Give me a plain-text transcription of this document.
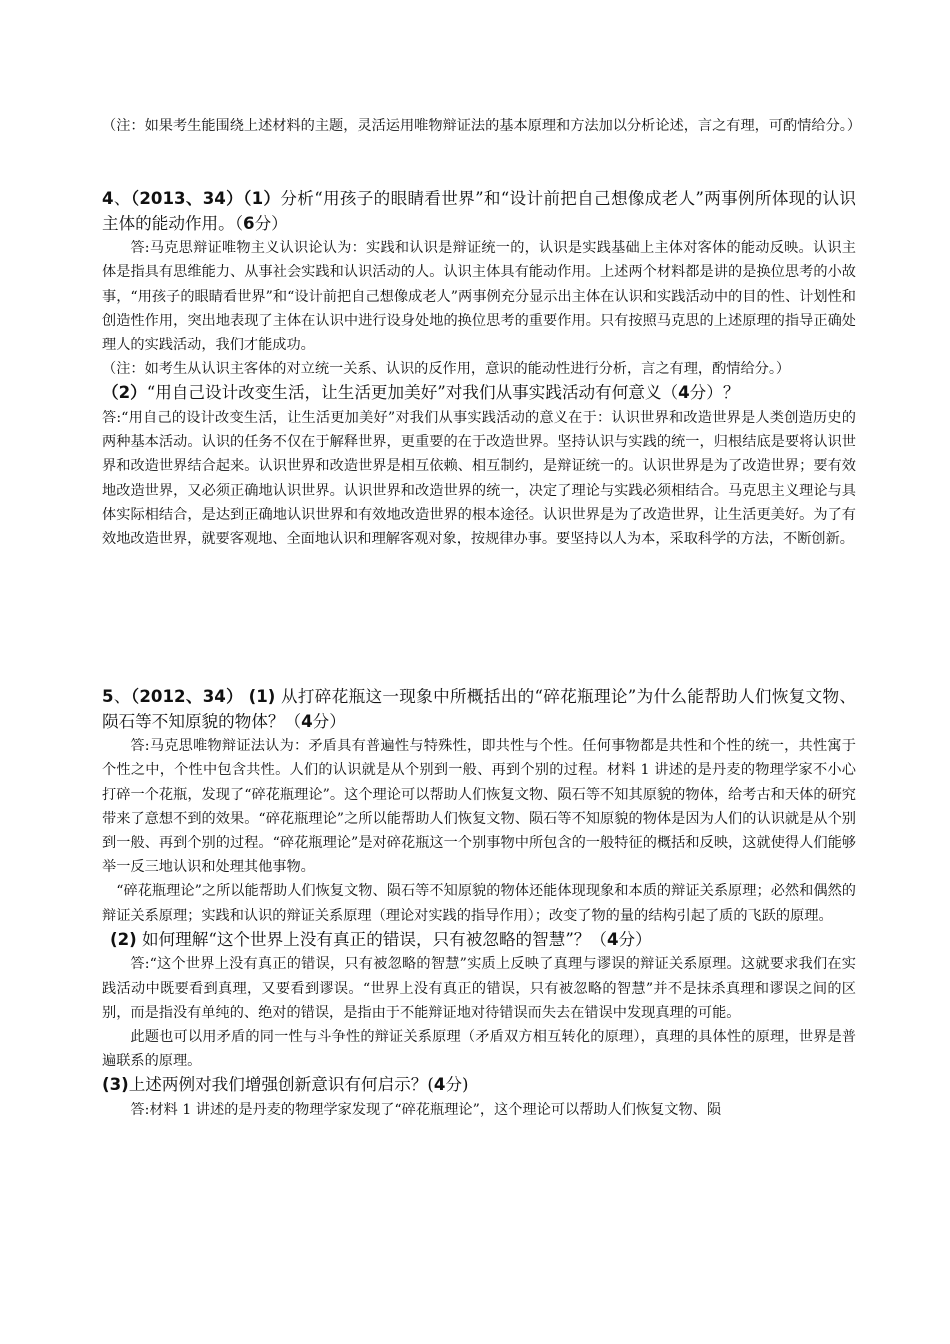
（注：如果考生能围绕上述材料的主题，灵活运用唯物辩证法的基本原理和方法加以分析论述，言之有理，可酌情给分。）

4、（2013、34）（1）分析“用孩子的眼睛看世界”和“设计前把自己想像成老人”两事例所体现的认识主体的能动作用。（6分）

答:马克思辩证唯物主义认识论认为：实践和认识是辩证统一的，认识是实践基础上主体对客体的能动反映。认识主体是指具有思维能力、从事社会实践和认识活动的人。认识主体具有能动作用。上述两个材料都是讲的是换位思考的小故事，“用孩子的眼睛看世界”和“设计前把自己想像成老人”两事例充分显示出主体在认识和实践活动中的目的性、计划性和创造性作用，突出地表现了主体在认识中进行设身处地的换位思考的重要作用。只有按照马克思的上述原理的指导正确处理人的实践活动，我们才能成功。

（注：如考生从认识主客体的对立统一关系、认识的反作用，意识的能动性进行分析，言之有理，酌情给分。）

（2）“用自己设计改变生活，让生活更加美好”对我们从事实践活动有何意义（4分）？

答:“用自己的设计改变生活，让生活更加美好”对我们从事实践活动的意义在于：认识世界和改造世界是人类创造历史的两种基本活动。认识的任务不仅在于解释世界，更重要的在于改造世界。坚持认识与实践的统一，归根结底是要将认识世界和改造世界结合起来。认识世界和改造世界是相互依赖、相互制约，是辩证统一的。认识世界是为了改造世界；要有效地改造世界，又必须正确地认识世界。认识世界和改造世界的统一，决定了理论与实践必须相结合。马克思主义理论与具体实际相结合，是达到正确地认识世界和有效地改造世界的根本途径。认识世界是为了改造世界，让生活更美好。为了有效地改造世界，就要客观地、全面地认识和理解客观对象，按规律办事。要坚持以人为本，采取科学的方法，不断创新。

5、（2012、34） (1) 从打碎花瓶这一现象中所概括出的“碎花瓶理论”为什么能帮助人们恢复文物、陨石等不知原貌的物体？（4分）

答:马克思唯物辩证法认为：矛盾具有普遍性与特殊性，即共性与个性。任何事物都是共性和个性的统一，共性寓于个性之中，个性中包含共性。人们的认识就是从个别到一般、再到个别的过程。材料 1 讲述的是丹麦的物理学家不小心打碎一个花瓶，发现了“碎花瓶理论”。这个理论可以帮助人们恢复文物、陨石等不知其原貌的物体，给考古和天体的研究带来了意想不到的效果。“碎花瓶理论”之所以能帮助人们恢复文物、陨石等不知原貌的物体是因为人们的认识就是从个别到一般、再到个别的过程。“碎花瓶理论”是对碎花瓶这一个别事物中所包含的一般特征的概括和反映，这就使得人们能够举一反三地认识和处理其他事物。

“碎花瓶理论”之所以能帮助人们恢复文物、陨石等不知原貌的物体还能体现现象和本质的辩证关系原理；必然和偶然的辩证关系原理；实践和认识的辩证关系原理（理论对实践的指导作用）；改变了物的量的结构引起了质的飞跃的原理。

(2) 如何理解“这个世界上没有真正的错误，只有被忽略的智慧”？（4分）

答:“这个世界上没有真正的错误，只有被忽略的智慧”实质上反映了真理与谬误的辩证关系原理。这就要求我们在实践活动中既要看到真理，又要看到谬误。“世界上没有真正的错误，只有被忽略的智慧”并不是抹杀真理和谬误之间的区别，而是指没有单纯的、绝对的错误，是指由于不能辩证地对待错误而失去在错误中发现真理的可能。

此题也可以用矛盾的同一性与斗争性的辩证关系原理（矛盾双方相互转化的原理），真理的具体性的原理，世界是普遍联系的原理。

(3)上述两例对我们增强创新意识有何启示？(4分)

答:材料 1 讲述的是丹麦的物理学家发现了“碎花瓶理论”，这个理论可以帮助人们恢复文物、陨
